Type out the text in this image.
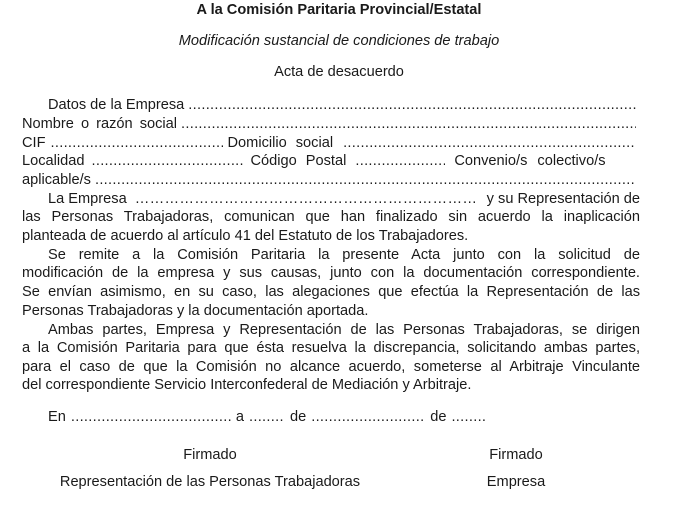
A la Comisión Paritaria Provincial/Estatal
Modificación sustancial de condiciones de trabajo
Acta de desacuerdo
Datos de la Empresa
.....
Nombre o razón social
.....
CIF .....	Domicilio social
.....
Localidad .....	Código Postal .....	Convenio/s colectivo/s
aplicable/s
.....
La Empresa …………………………………………………………………………………………………	y su Representación de
las Personas Trabajadoras, comunican que han finalizado sin acuerdo la inaplicación
planteada de acuerdo al artículo 41 del Estatuto de los Trabajadores.
Se remite a la Comisión Paritaria la presente Acta junto con la solicitud de
modificación de la empresa y sus causas, junto con la documentación correspondiente.
Se envían asimismo, en su caso, las alegaciones que efectúa la Representación de las
Personas Trabajadoras y la documentación aportada.
Ambas partes, Empresa y Representación de las Personas Trabajadoras, se dirigen
a la Comisión Paritaria para que ésta resuelva la discrepancia, solicitando ambas partes,
para el caso de que la Comisión no alcance acuerdo, someterse al Arbitraje Vinculante
del correspondiente Servicio Interconfederal de Mediación y Arbitraje.
En .....	a .....	de .....	de
.....
Firmado
Representación de las Personas Trabajadoras
Firmado
Empresa
